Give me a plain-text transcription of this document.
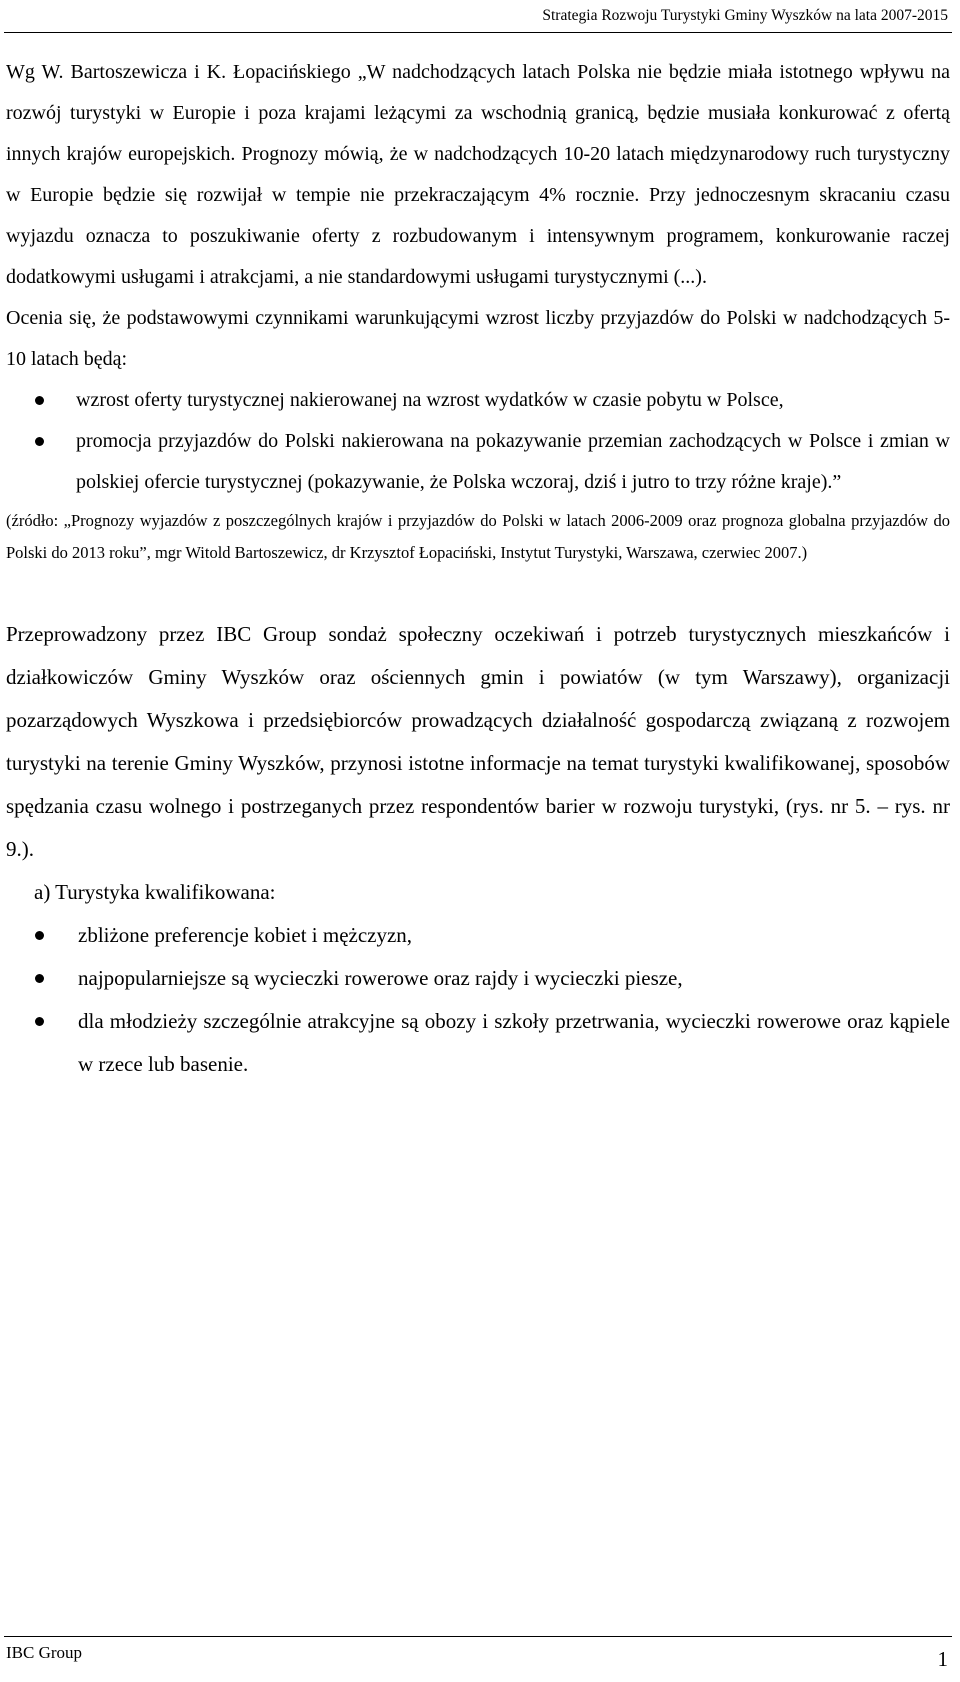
Strategia Rozwoju Turystyki Gminy Wyszków na lata 2007-2015

Wg W. Bartoszewicza i K. Łopacińskiego „W nadchodzących latach Polska nie będzie miała istotnego wpływu na rozwój turystyki w Europie i poza krajami leżącymi za wschodnią granicą, będzie musiała konkurować z ofertą innych krajów europejskich. Prognozy mówią, że w nadchodzących 10-20 latach międzynarodowy ruch turystyczny w Europie będzie się rozwijał w tempie nie przekraczającym 4% rocznie. Przy jednoczesnym skracaniu czasu wyjazdu oznacza to poszukiwanie oferty z rozbudowanym i intensywnym programem, konkurowanie raczej dodatkowymi usługami i atrakcjami, a nie standardowymi usługami turystycznymi (...).

Ocenia się, że podstawowymi czynnikami warunkującymi wzrost liczby przyjazdów do Polski w nadchodzących 5-10 latach będą:

wzrost oferty turystycznej nakierowanej na wzrost wydatków w czasie pobytu w Polsce,
promocja przyjazdów do Polski nakierowana na pokazywanie przemian zachodzących w Polsce i zmian w polskiej ofercie turystycznej (pokazywanie, że Polska wczoraj, dziś i jutro to trzy różne kraje).”

(źródło: „Prognozy wyjazdów z poszczególnych krajów i przyjazdów do Polski w latach 2006-2009 oraz prognoza globalna przyjazdów do Polski do 2013 roku”, mgr Witold Bartoszewicz, dr Krzysztof Łopaciński, Instytut Turystyki, Warszawa, czerwiec 2007.)

Przeprowadzony przez IBC Group sondaż społeczny oczekiwań i potrzeb turystycznych mieszkańców i działkowiczów Gminy Wyszków oraz ościennych gmin i powiatów (w tym Warszawy), organizacji pozarządowych Wyszkowa i przedsiębiorców prowadzących działalność gospodarczą związaną z rozwojem turystyki na terenie Gminy Wyszków, przynosi istotne informacje na temat turystyki kwalifikowanej, sposobów spędzania czasu wolnego i postrzeganych przez respondentów barier w rozwoju turystyki, (rys. nr 5. – rys. nr 9.).

a) Turystyka kwalifikowana:
zbliżone preferencje kobiet i mężczyzn,
najpopularniejsze są wycieczki rowerowe oraz rajdy i wycieczki piesze,
dla młodzieży szczególnie atrakcyjne są obozy i szkoły przetrwania, wycieczki rowerowe oraz kąpiele w rzece lub basenie.
IBC Group	1
